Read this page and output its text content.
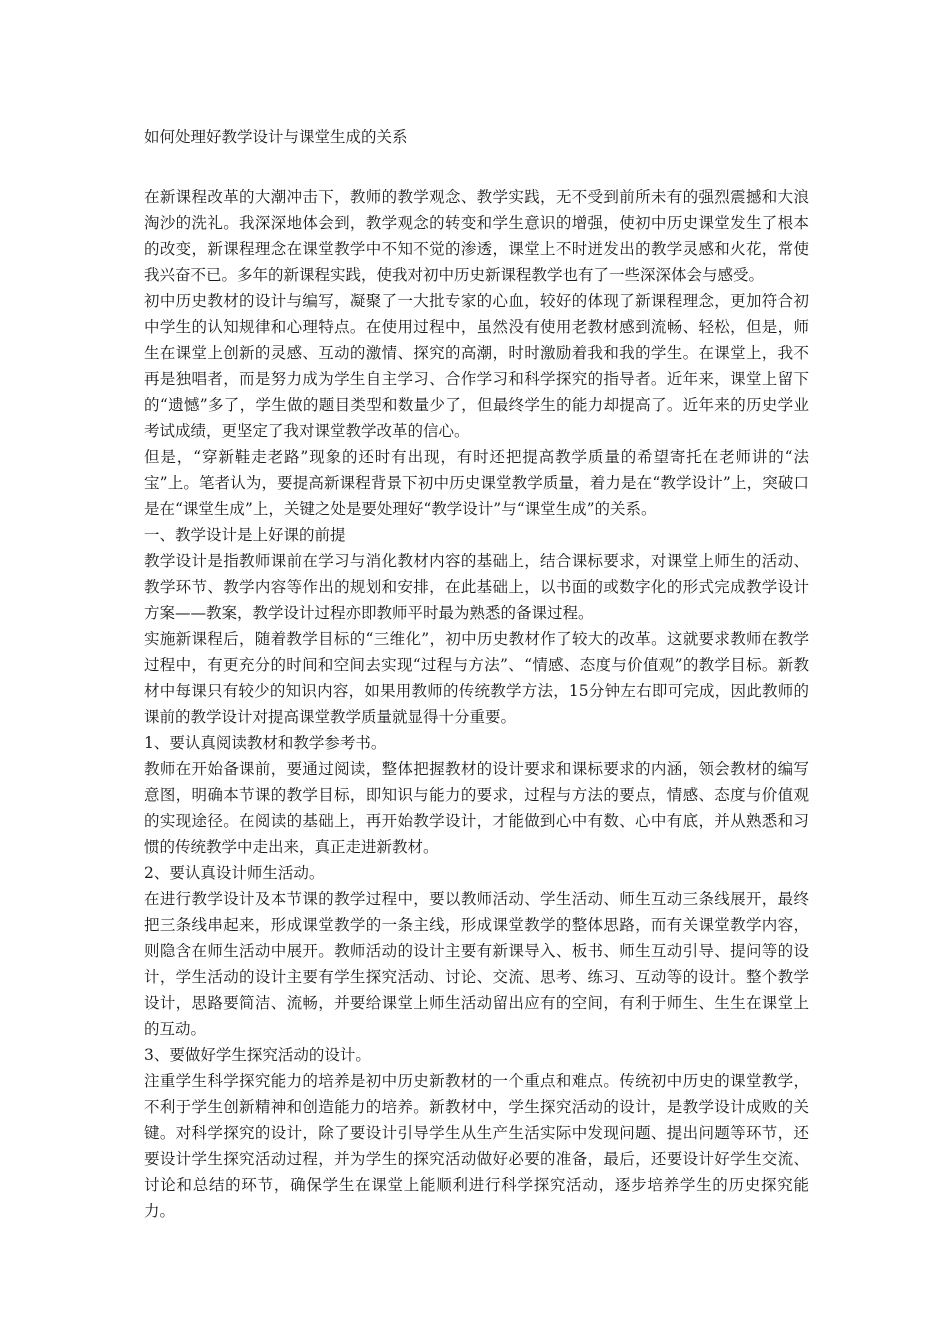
如何处理好教学设计与课堂生成的关系

在新课程改革的大潮冲击下，教师的教学观念、教学实践，无不受到前所未有的强烈震撼和大浪淘沙的洗礼。我深深地体会到，教学观念的转变和学生意识的增强，使初中历史课堂发生了根本的改变，新课程理念在课堂教学中不知不觉的渗透，课堂上不时迸发出的教学灵感和火花，常使我兴奋不已。多年的新课程实践，使我对初中历史新课程教学也有了一些深深体会与感受。

初中历史教材的设计与编写，凝聚了一大批专家的心血，较好的体现了新课程理念，更加符合初中学生的认知规律和心理特点。在使用过程中，虽然没有使用老教材感到流畅、轻松，但是，师生在课堂上创新的灵感、互动的激情、探究的高潮，时时激励着我和我的学生。在课堂上，我不再是独唱者，而是努力成为学生自主学习、合作学习和科学探究的指导者。近年来，课堂上留下的“遗憾”多了，学生做的题目类型和数量少了，但最终学生的能力却提高了。近年来的历史学业考试成绩，更坚定了我对课堂教学改革的信心。

但是，“穿新鞋走老路”现象的还时有出现，有时还把提高教学质量的希望寄托在老师讲的“法宝”上。笔者认为，要提高新课程背景下初中历史课堂教学质量，着力是在“教学设计”上，突破口是在“课堂生成”上，关键之处是要处理好“教学设计”与“课堂生成”的关系。

一、教学设计是上好课的前提

教学设计是指教师课前在学习与消化教材内容的基础上，结合课标要求，对课堂上师生的活动、教学环节、教学内容等作出的规划和安排，在此基础上，以书面的或数字化的形式完成教学设计方案——教案，教学设计过程亦即教师平时最为熟悉的备课过程。

实施新课程后，随着教学目标的“三维化”，初中历史教材作了较大的改革。这就要求教师在教学过程中，有更充分的时间和空间去实现“过程与方法”、“情感、态度与价值观”的教学目标。新教材中每课只有较少的知识内容，如果用教师的传统教学方法，15分钟左右即可完成，因此教师的课前的教学设计对提高课堂教学质量就显得十分重要。

1、要认真阅读教材和教学参考书。

教师在开始备课前，要通过阅读，整体把握教材的设计要求和课标要求的内涵，领会教材的编写意图，明确本节课的教学目标，即知识与能力的要求，过程与方法的要点，情感、态度与价值观的实现途径。在阅读的基础上，再开始教学设计，才能做到心中有数、心中有底，并从熟悉和习惯的传统教学中走出来，真正走进新教材。

2、要认真设计师生活动。

在进行教学设计及本节课的教学过程中，要以教师活动、学生活动、师生互动三条线展开，最终把三条线串起来，形成课堂教学的一条主线，形成课堂教学的整体思路，而有关课堂教学内容，则隐含在师生活动中展开。教师活动的设计主要有新课导入、板书、师生互动引导、提问等的设计，学生活动的设计主要有学生探究活动、讨论、交流、思考、练习、互动等的设计。整个教学设计，思路要简洁、流畅，并要给课堂上师生活动留出应有的空间，有利于师生、生生在课堂上的互动。

3、要做好学生探究活动的设计。

注重学生科学探究能力的培养是初中历史新教材的一个重点和难点。传统初中历史的课堂教学，不利于学生创新精神和创造能力的培养。新教材中，学生探究活动的设计，是教学设计成败的关键。对科学探究的设计，除了要设计引导学生从生产生活实际中发现问题、提出问题等环节，还要设计学生探究活动过程，并为学生的探究活动做好必要的准备，最后，还要设计好学生交流、讨论和总结的环节，确保学生在课堂上能顺利进行科学探究活动，逐步培养学生的历史探究能力。
